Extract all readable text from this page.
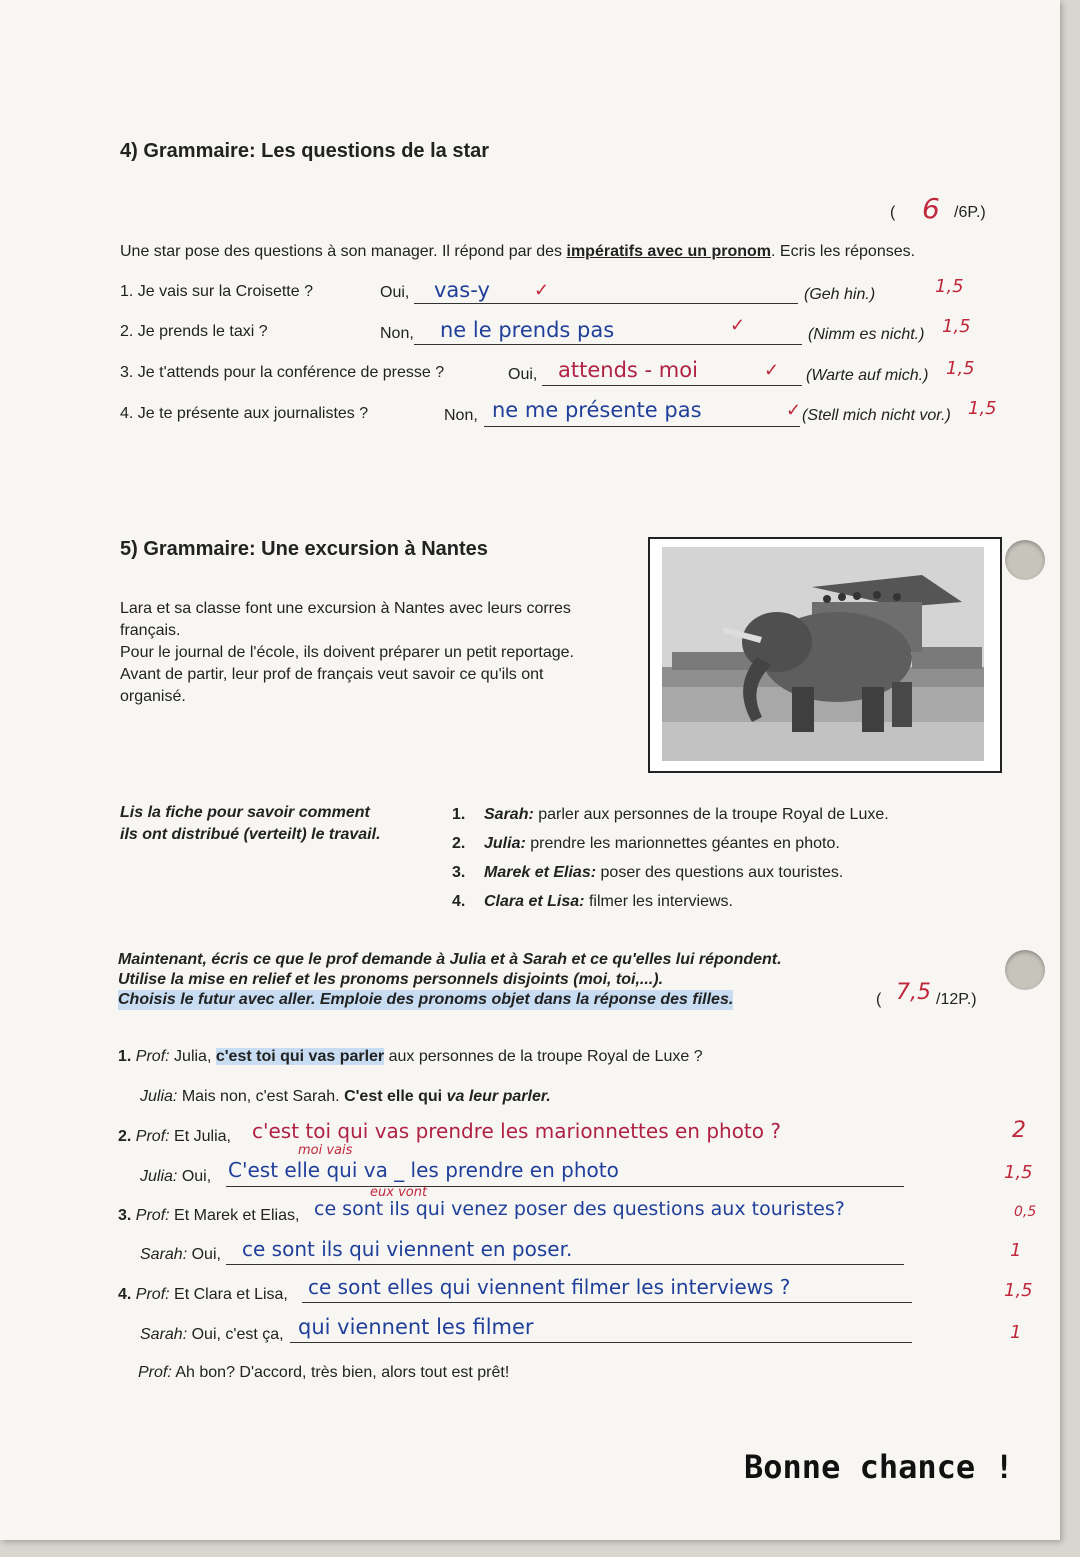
4) Grammaire: Les questions de la star
( 6 /6P.)
Une star pose des questions à son manager. Il répond par des impératifs avec un pronom. Ecris les réponses.
1. Je vais sur la Croisette ?	Oui, vas-y ✓	(Geh hin.)	1,5
2. Je prends le taxi ?	Non, ne le prends pas	✓	(Nimm es nicht.) 1,5
3. Je t'attends pour la conférence de presse ?	Oui, attends - moi	✓ (Warte auf mich.) 1,5
4. Je te présente aux journalistes ?	Non, ne me présente pas	✓ (Stell mich nicht vor.) 1,5
5) Grammaire: Une excursion à Nantes
Lara et sa classe font une excursion à Nantes avec leurs corres
français.
Pour le journal de l'école, ils doivent préparer un petit reportage.
Avant de partir, leur prof de français veut savoir ce qu'ils ont
organisé.
Lis la fiche pour savoir comment
ils ont distribué (verteilt) le travail.
1. Sarah: parler aux personnes de la troupe Royal de Luxe.
2. Julia: prendre les marionnettes géantes en photo.
3. Marek et Elias: poser des questions aux touristes.
4. Clara et Lisa: filmer les interviews.
Maintenant, écris ce que le prof demande à Julia et à Sarah et ce qu'elles lui répondent.
Utilise la mise en relief et les pronoms personnels disjoints (moi, toi,...).
Choisis le futur avec aller. Emploie des pronoms objet dans la réponse des filles.	( 7,5 /12P.)
1. Prof: Julia, c'est toi qui vas parler aux personnes de la troupe Royal de Luxe ?
Julia: Mais non, c'est Sarah. C'est elle qui va leur parler.
2. Prof: Et Julia, c'est toi qui vas prendre les marionnettes en photo ?	2
moi vais
Julia: Oui, C'est elle qui va _ les prendre en photo	1,5
eux vont
3. Prof: Et Marek et Elias, ce sont ils qui venez poser des questions aux touristes?	0,5
Sarah: Oui, ce sont ils qui viennent en poser.	1
4. Prof: Et Clara et Lisa, ce sont elles qui viennent filmer les interviews ?	1,5
Sarah: Oui, c'est ça, qui viennent les filmer	1
Prof: Ah bon? D'accord, très bien, alors tout est prêt!
Bonne chance !
